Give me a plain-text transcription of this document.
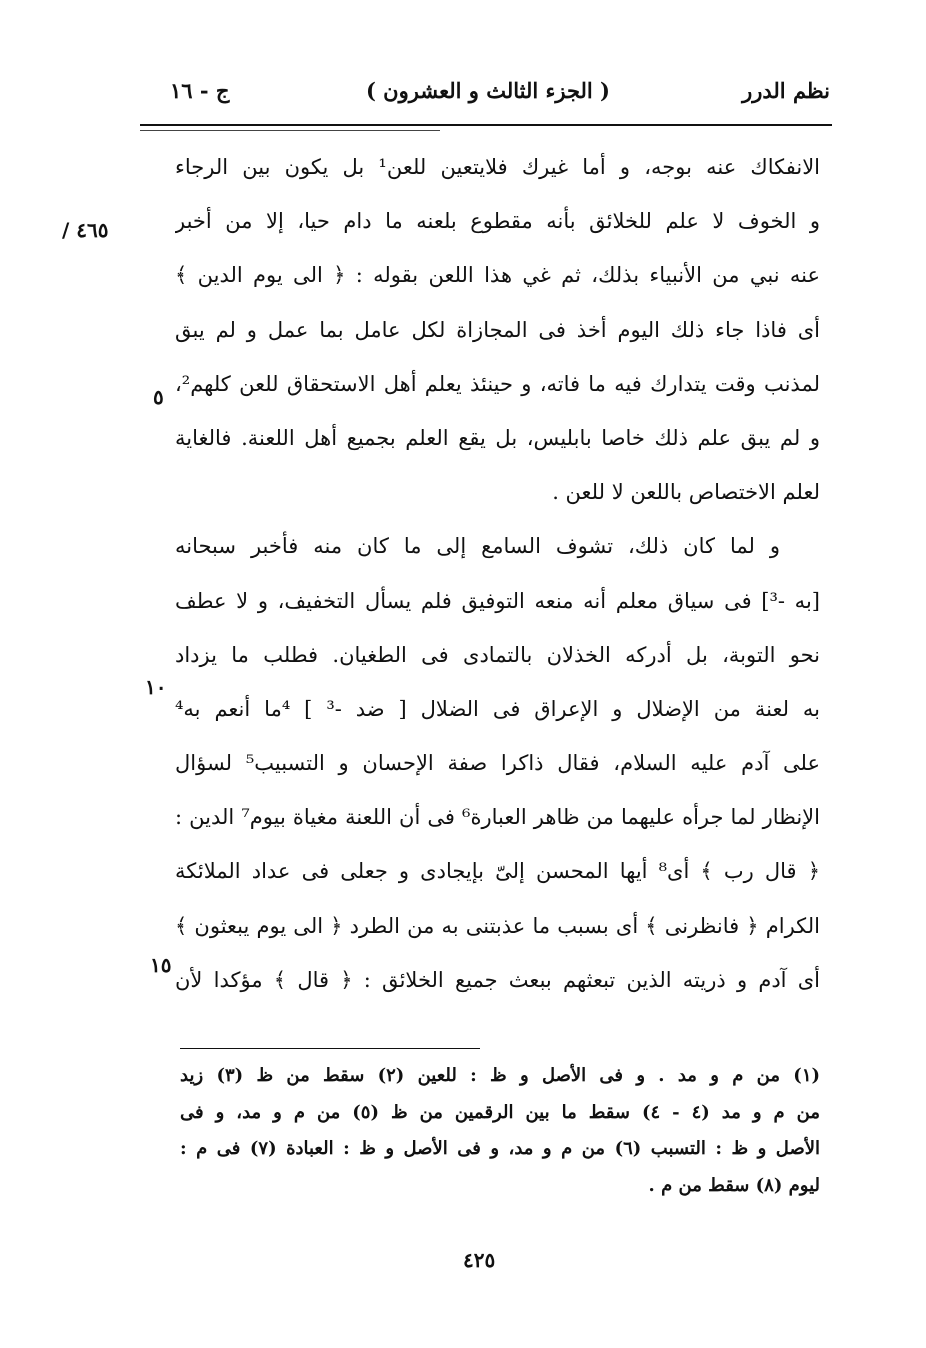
نظم الدرر
( الجزء الثالث و العشرون )
ج - ١٦
٤٦٥ /
٥
١٠
١٥
الانفكاك عنه بوجه، و أما غيرك فلايتعين للعن¹ بل يكون بين الرجاء
و الخوف لا علم للخلائق بأنه مقطوع بلعنه ما دام حيا، إلا من أخبر
عنه نبي من الأنبياء بذلك، ثم غي هذا اللعن بقوله : ﴿ الى يوم الدين ﴾
أى فاذا جاء ذلك اليوم أخذ فى المجازاة لكل عامل بما عمل و لم يبق
لمذنب وقت يتدارك فيه ما فاته، و حينئذ يعلم أهل الاستحقاق للعن كلهم²،
و لم يبق علم ذلك خاصا بابليس، بل يقع العلم بجميع أهل اللعنة. فالغاية
لعلم الاختصاص باللعن لا للعن .
و لما كان ذلك، تشوف السامع إلى ما كان منه فأخبر سبحانه
[به -³] فى سياق معلم أنه منعه التوفيق فلم يسأل التخفيف، و لا عطف
نحو التوبة، بل أدركه الخذلان بالتمادى فى الطغيان. فطلب ما يزداد
به لعنة من الإضلال و الإعراق فى الضلال [ ضد -³ ] ⁴ما أنعم به⁴
على آدم عليه السلام، فقال ذاكرا صفة الإحسان و التسبيب⁵ لسؤال
الإنظار لما جرأه عليهما من ظاهر العبارة⁶ فى أن اللعنة مغياة بيوم⁷ الدين :
﴿ قال رب ﴾ أى⁸ أيها المحسن إلىّ بإيجادى و جعلى فى عداد الملائكة
الكرام ﴿ فانظرنى ﴾ أى بسبب ما عذبتنى به من الطرد ﴿ الى يوم يبعثون ﴾
أى آدم و ذريته الذين تبعثهم ببعث جميع الخلائق : ﴿ قال ﴾ مؤكدا لأن
(١) من م و مد . و فى الأصل و ظ : للعين (٢) سقط من ظ (٣) زيد
من م و مد (٤ - ٤) سقط ما بين الرقمين من ظ (٥) من م و مد، و فى
الأصل و ظ : التسبب (٦) من م و مد، و فى الأصل و ظ : العبادة (٧) فى م :
ليوم (٨) سقط من م .
٤٢٥
